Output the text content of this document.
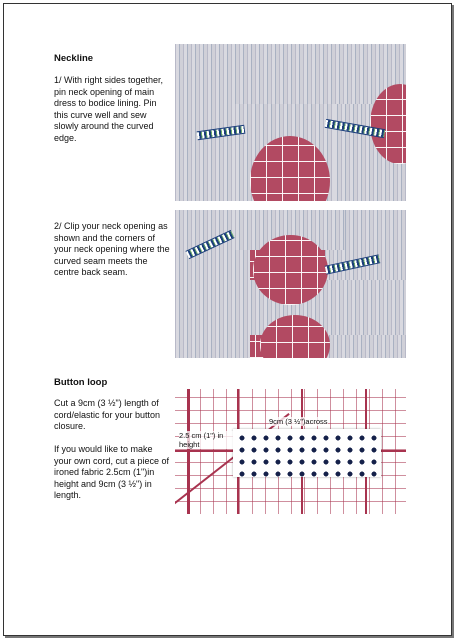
Neckline
1/ With right sides together, pin neck opening of main dress to bodice lining. Pin this curve well and sew slowly around the curved edge.
2/ Clip your neck opening as shown and the corners of your neck opening where the curved seam meets the centre back seam.
Button loop
Cut a 9cm (3 ½") length of cord/elastic for your button closure.
If you would like to make your own cord, cut a piece of ironed fabric 2.5cm (1")in height and 9cm (3 ½") in length.
9cm (3 ½")across
2.5 cm (1") in height
